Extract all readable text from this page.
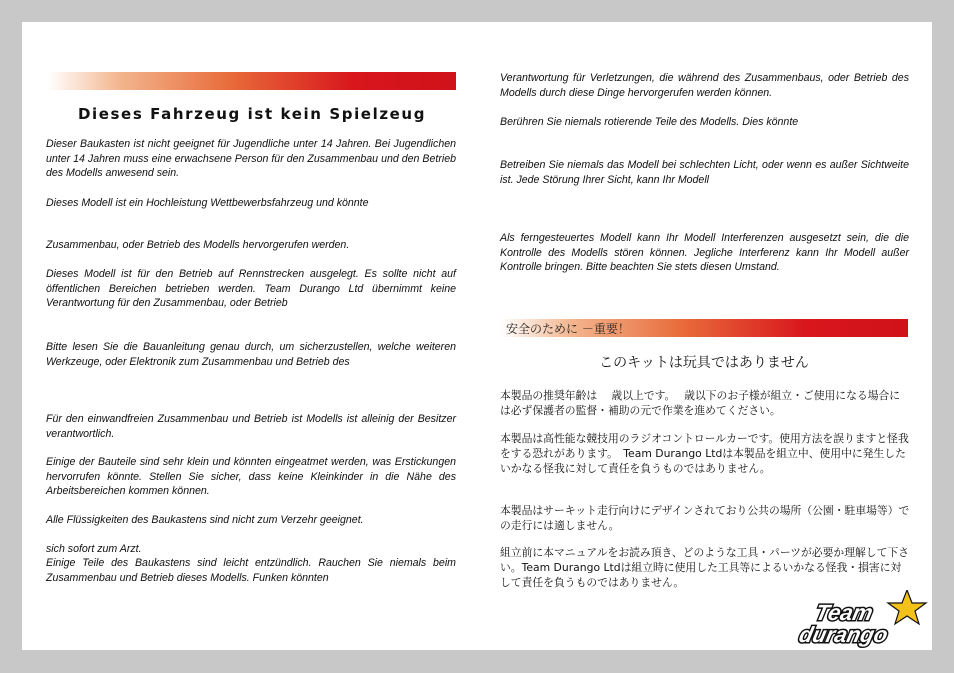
Dieses Fahrzeug ist kein Spielzeug

Dieser Baukasten ist nicht geeignet für Jugendliche unter 14 Jahren. Bei Jugendlichen unter 14 Jahren muss eine erwachsene Person für den Zusammenbau und den Betrieb des Modells anwesend sein.

Dieses Modell ist ein Hochleistung Wettbewerbsfahrzeug und könnte

Zusammenbau, oder Betrieb des Modells hervorgerufen werden.

Dieses Modell ist für den Betrieb auf Rennstrecken ausgelegt. Es sollte nicht auf öffentlichen Bereichen betrieben werden. Team Durango Ltd übernimmt keine Verantwortung für den Zusammenbau, oder Betrieb

Bitte lesen Sie die Bauanleitung genau durch, um sicherzustellen, welche weiteren Werkzeuge, oder Elektronik zum Zusammenbau und Betrieb des

Für den einwandfreien Zusammenbau und Betrieb ist Modells ist alleinig der Besitzer verantwortlich.

Einige der Bauteile sind sehr klein und könnten eingeatmet werden, was Erstickungen hervorrufen könnte. Stellen Sie sicher, dass keine Kleinkinder in die Nähe des Arbeitsbereichen kommen können.

Alle Flüssigkeiten des Baukastens sind nicht zum Verzehr geeignet.

sich sofort zum Arzt.

Einige Teile des Baukastens sind leicht entzündlich. Rauchen Sie niemals beim Zusammenbau und Betrieb dieses Modells. Funken könnten

Verantwortung für Verletzungen, die während des Zusammenbaus, oder Betrieb des Modells durch diese Dinge hervorgerufen werden können.

Berühren Sie niemals rotierende Teile des Modells. Dies könnte

Betreiben Sie niemals das Modell bei schlechten Licht, oder wenn es außer Sichtweite ist. Jede Störung Ihrer Sicht, kann Ihr Modell

Als ferngesteuertes Modell kann Ihr Modell Interferenzen ausgesetzt sein, die die Kontrolle des Modells stören können. Jegliche Interferenz kann Ihr Modell außer Kontrolle bringen. Bitte beachten Sie stets diesen Umstand.

安全のために －重要！
このキットは玩具ではありません

本製品の推奨年齢は　 歳以上です。　 歳以下のお子様が組立・ご使用になる場合には必ず保護者の監督・補助の元で作業を進めてください。

本製品は高性能な競技用のラジオコントロールカーです。使用方法を誤りますと怪我をする恐れがあります。　Team Durango Ltdは本製品を組立中、使用中に発生したいかなる怪我に対して責任を負うものではありません。

本製品はサーキット走行向けにデザインされており公共の場所（公園・駐車場等）での走行には適しません。

組立前に本マニュアルをお読み頂き、どのような工具・パーツが必要か理解して下さい。Team Durango Ltdは組立時に使用した工具等によるいかなる怪我・損害に対して責任を負うものではありません。

Team
durango
